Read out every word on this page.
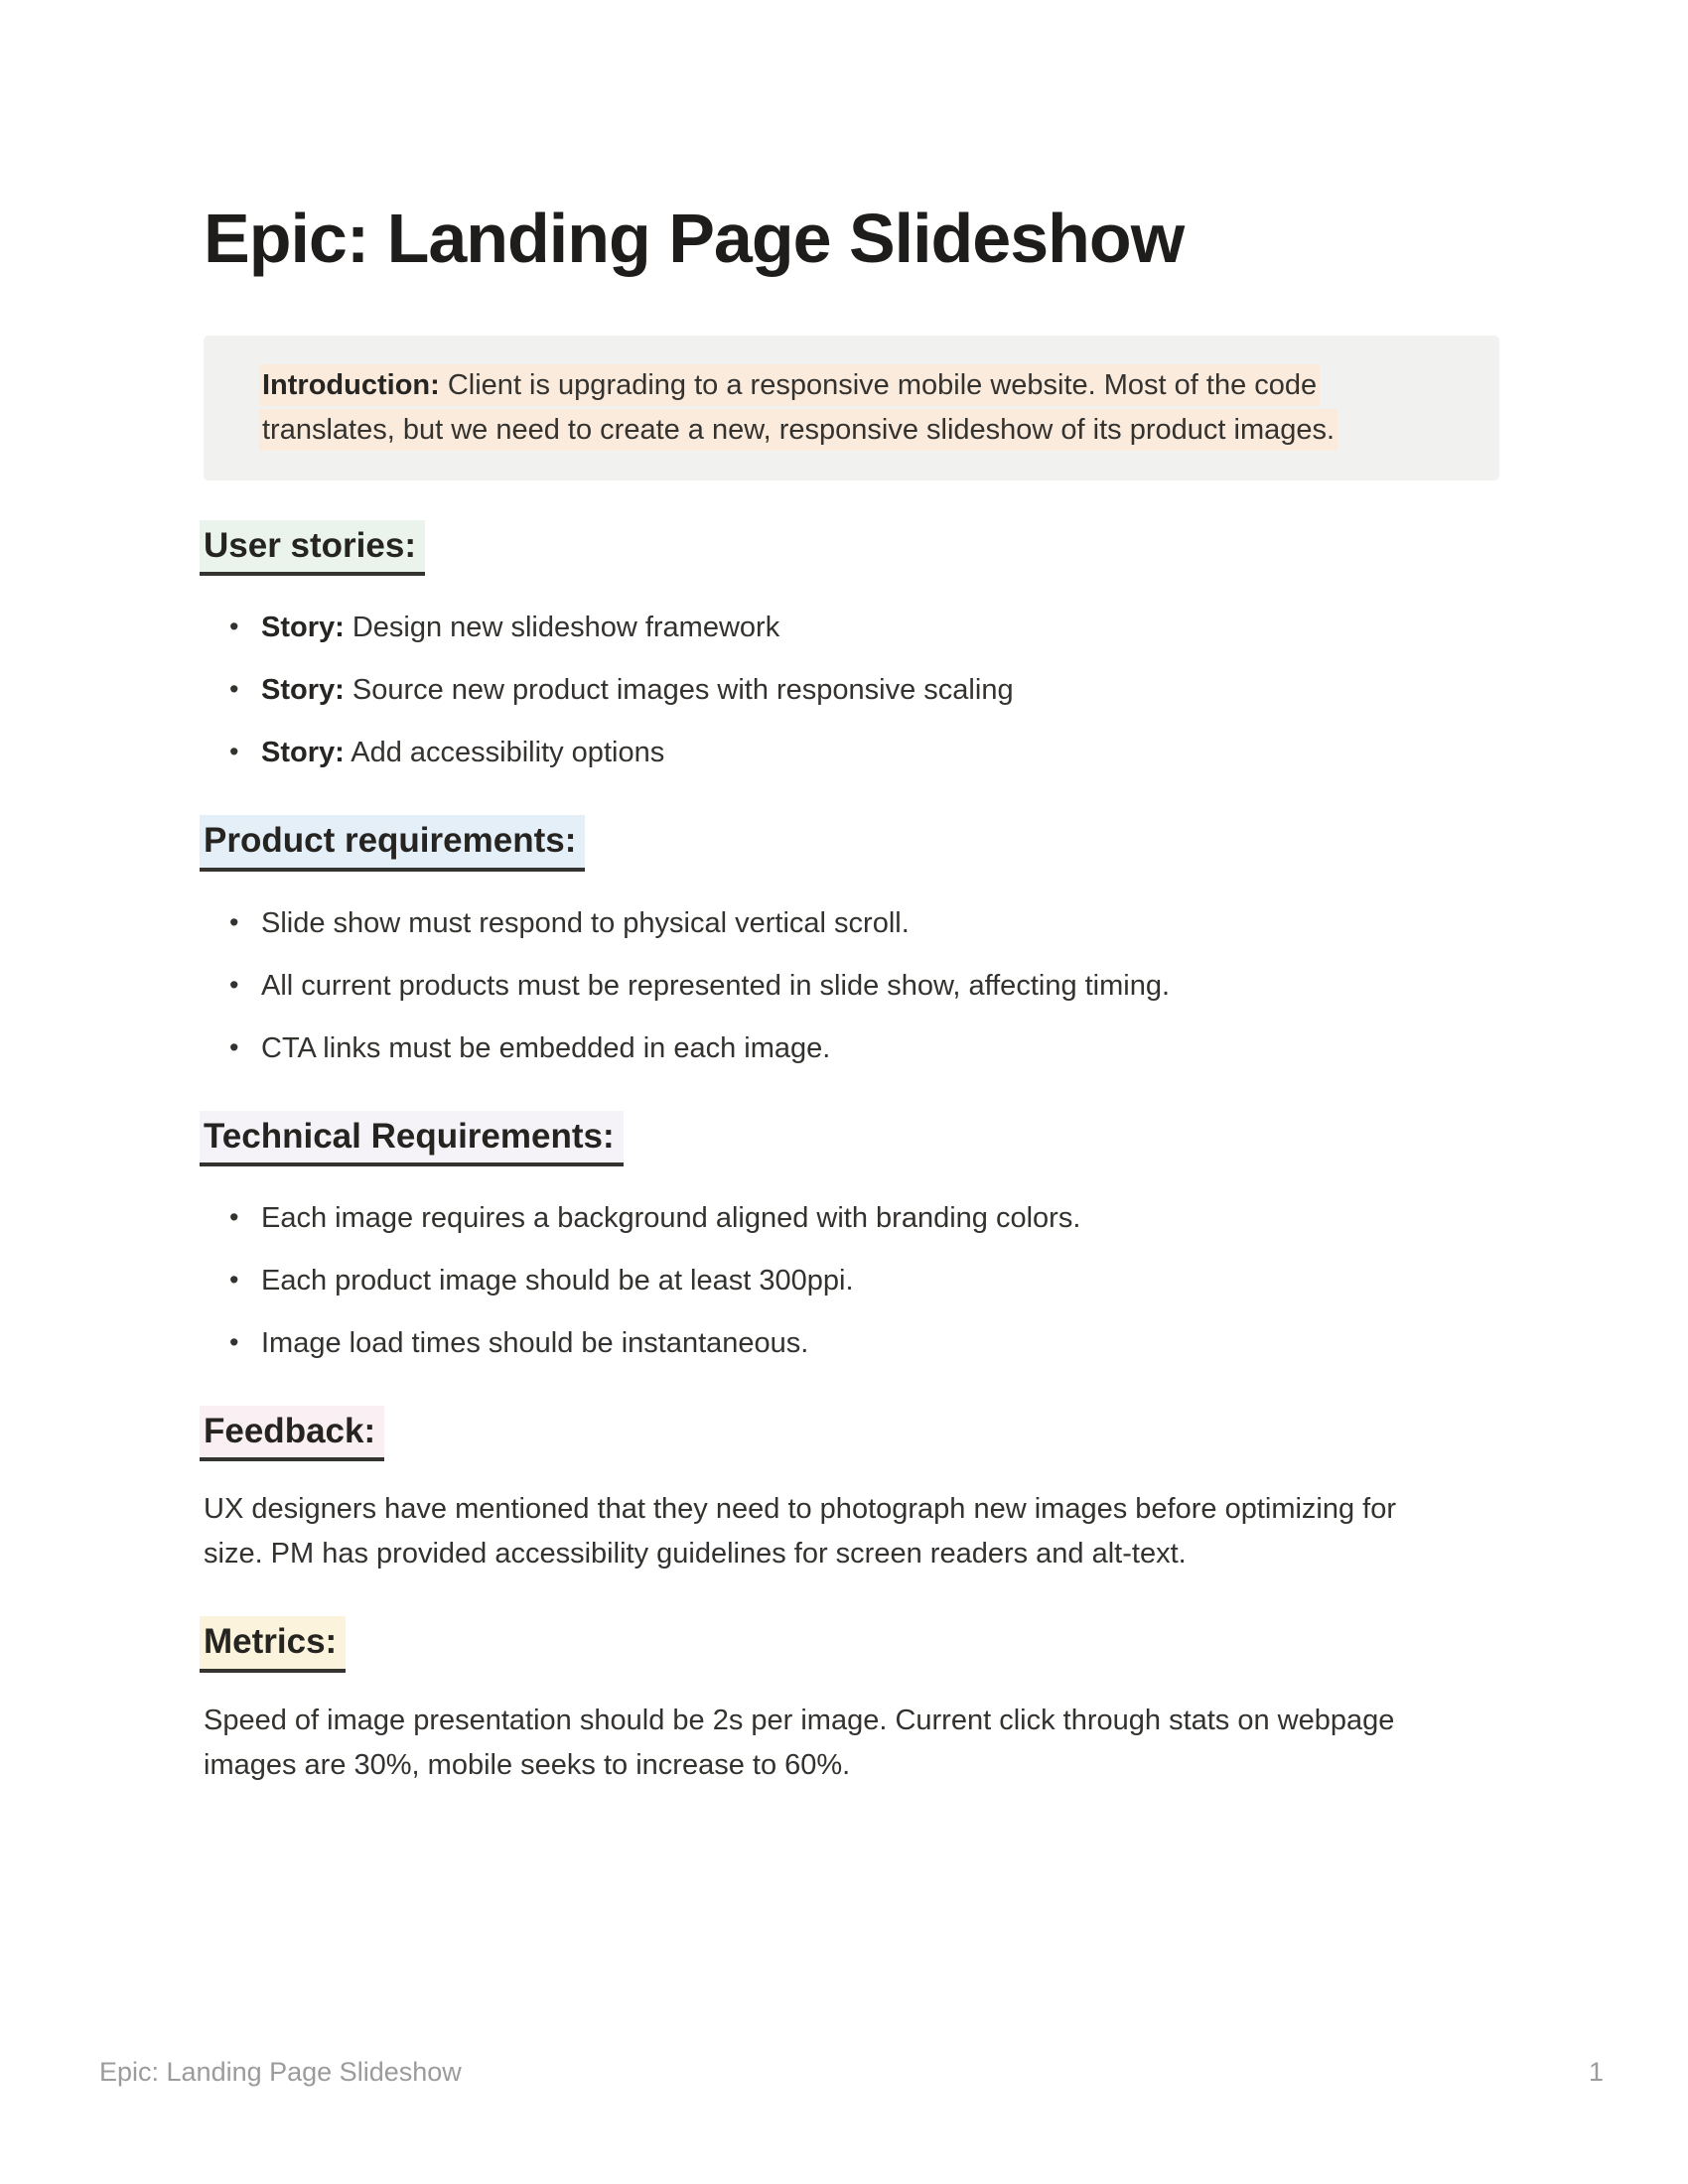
Epic: Landing Page Slideshow

Introduction: Client is upgrading to a responsive mobile website. Most of the code translates, but we need to create a new, responsive slideshow of its product images.

User stories:
• Story: Design new slideshow framework
• Story: Source new product images with responsive scaling
• Story: Add accessibility options
Product requirements:
• Slide show must respond to physical vertical scroll.
• All current products must be represented in slide show, affecting timing.
• CTA links must be embedded in each image.
Technical Requirements:
• Each image requires a background aligned with branding colors.
• Each product image should be at least 300ppi.
• Image load times should be instantaneous.
Feedback:

UX designers have mentioned that they need to photograph new images before optimizing for size. PM has provided accessibility guidelines for screen readers and alt-text.

Metrics:

Speed of image presentation should be 2s per image. Current click through stats on webpage images are 30%, mobile seeks to increase to 60%.

Epic: Landing Page Slideshow	1
